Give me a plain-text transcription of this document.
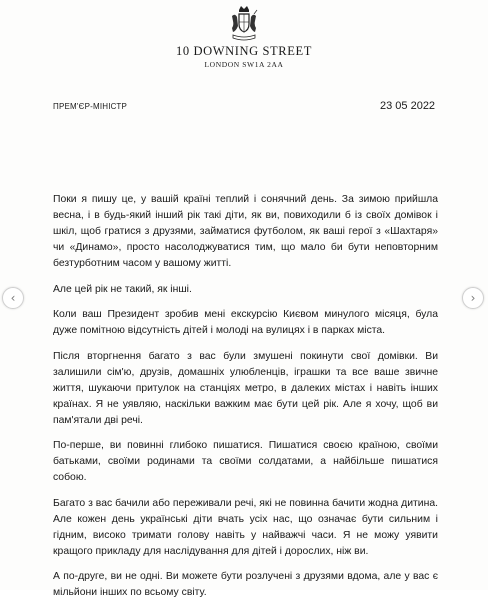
10 DOWNING STREET
LONDON SW1A 2AA
ПРЕМ'ЄР-МІНІСТР	23 05 2022

Поки я пишу це, у вашій країні теплий і сонячний день. За зимою прийшла весна, і в будь-який інший рік такі діти, як ви, повиходили б із своїх домівок і шкіл, щоб гратися з друзями, займатися футболом, як ваші герої з «Шахтаря» чи «Динамо», просто насолоджуватися тим, що мало би бути неповторним безтурботним часом у вашому житті.

Але цей рік не такий, як інші.

Коли ваш Президент зробив мені екскурсію Києвом минулого місяця, була дуже помітною відсутність дітей і молоді на вулицях і в парках міста.

Після вторгнення багато з вас були змушені покинути свої домівки. Ви залишили сім'ю, друзів, домашніх улюбленців, іграшки та все ваше звичне життя, шукаючи притулок на станціях метро, в далеких містах і навіть інших країнах. Я не уявляю, наскільки важким має бути цей рік. Але я хочу, щоб ви пам'ятали дві речі.

По-перше, ви повинні глибоко пишатися. Пишатися своєю країною, своїми батьками, своїми родинами та своїми солдатами, а найбільше пишатися собою.

Багато з вас бачили або переживали речі, які не повинна бачити жодна дитина. Але кожен день українські діти вчать усіх нас, що означає бути сильним і гідним, високо тримати голову навіть у найважчі часи. Я не можу уявити кращого прикладу для наслідування для дітей і дорослих, ніж ви.

А по-друге, ви не одні. Ви можете бути розлучені з друзями вдома, але у вас є мільйони інших по всьому світу.

‹	›
